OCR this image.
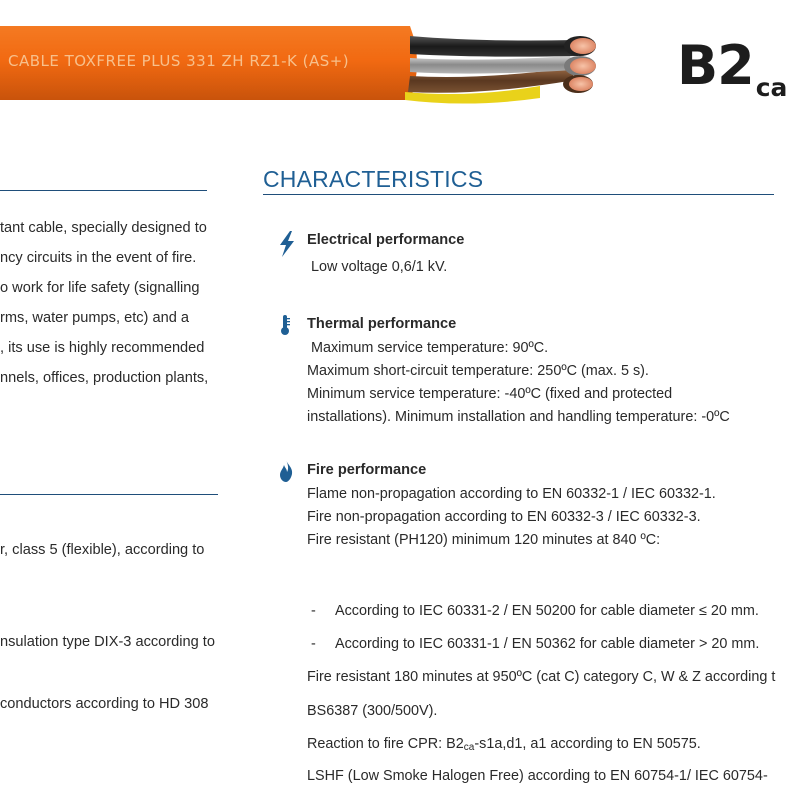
CABLE TOXFREE PLUS 331 ZH RZ1-K (AS+)	B2ca
tant cable, specially designed to
ncy circuits in the event of fire.
o work for life safety (signalling
rms, water pumps, etc) and a
, its use is highly recommended
nnels, offices, production plants,
r, class 5 (flexible), according to
nsulation type DIX-3 according to
conductors according to HD 308
CHARACTERISTICS
Electrical performance
Low voltage 0,6/1 kV.
Thermal performance
Maximum service temperature: 90ºC.
Maximum short-circuit temperature: 250ºC (max. 5 s).
Minimum service temperature: -40ºC (fixed and protected
installations). Minimum installation and handling temperature: -0ºC
Fire performance
Flame non-propagation according to EN 60332-1 / IEC 60332-1.
Fire non-propagation according to EN 60332-3 / IEC 60332-3.
Fire resistant (PH120) minimum 120 minutes at 840 ºC:
- According to IEC 60331-2 / EN 50200 for cable diameter ≤ 20 mm.
- According to IEC 60331-1 / EN 50362 for cable diameter > 20 mm.
Fire resistant 180 minutes at 950ºC (cat C) category C, W & Z according t
BS6387 (300/500V).
Reaction to fire CPR: $B2_{ca}-s1a,d1$, a1 according to EN 50575.
LSHF (Low Smoke Halogen Free) according to EN 60754-1/ IEC 60754-
